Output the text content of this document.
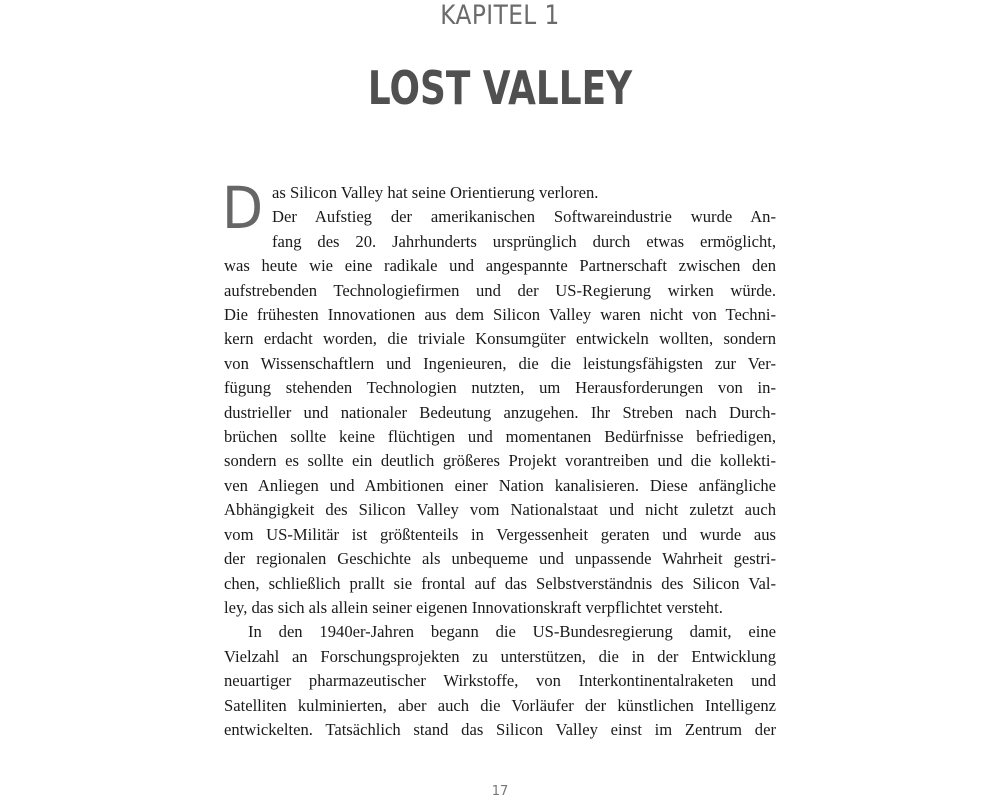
KAPITEL 1
LOST VALLEY
D as Silicon Valley hat seine Orientierung verloren.
Der Aufstieg der amerikanischen Softwareindustrie wurde An-
fang des 20. Jahrhunderts ursprünglich durch etwas ermöglicht,
was heute wie eine radikale und angespannte Partnerschaft zwischen den
aufstrebenden Technologiefirmen und der US-Regierung wirken würde.
Die frühesten Innovationen aus dem Silicon Valley waren nicht von Techni-
kern erdacht worden, die triviale Konsumgüter entwickeln wollten, sondern
von Wissenschaftlern und Ingenieuren, die die leistungsfähigsten zur Ver-
fügung stehenden Technologien nutzten, um Herausforderungen von in-
dustrieller und nationaler Bedeutung anzugehen. Ihr Streben nach Durch-
brüchen sollte keine flüchtigen und momentanen Bedürfnisse befriedigen,
sondern es sollte ein deutlich größeres Projekt vorantreiben und die kollekti-
ven Anliegen und Ambitionen einer Nation kanalisieren. Diese anfängliche
Abhängigkeit des Silicon Valley vom Nationalstaat und nicht zuletzt auch
vom US-Militär ist größtenteils in Vergessenheit geraten und wurde aus
der regionalen Geschichte als unbequeme und unpassende Wahrheit gestri-
chen, schließlich prallt sie frontal auf das Selbstverständnis des Silicon Val-
ley, das sich als allein seiner eigenen Innovationskraft verpflichtet versteht.
In den 1940er-Jahren begann die US-Bundesregierung damit, eine
Vielzahl an Forschungsprojekten zu unterstützen, die in der Entwicklung
neuartiger pharmazeutischer Wirkstoffe, von Interkontinentalraketen und
Satelliten kulminierten, aber auch die Vorläufer der künstlichen Intelligenz
entwickelten. Tatsächlich stand das Silicon Valley einst im Zentrum der
17
